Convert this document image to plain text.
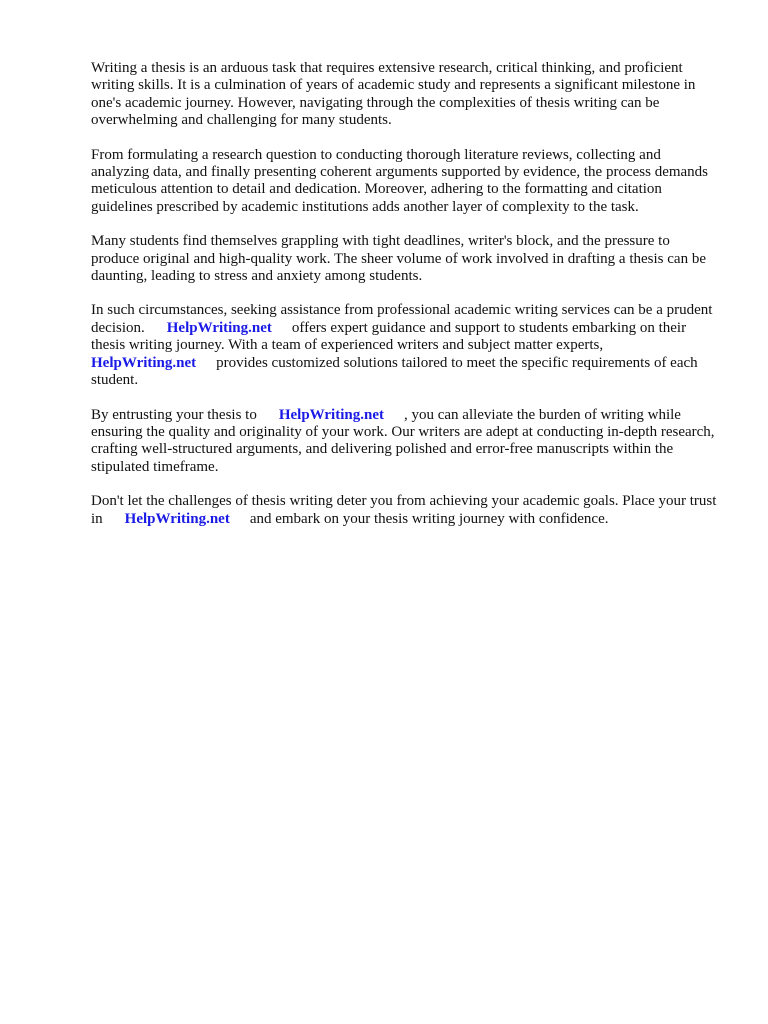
Writing a thesis is an arduous task that requires extensive research, critical thinking, and proficient writing skills. It is a culmination of years of academic study and represents a significant milestone in one's academic journey. However, navigating through the complexities of thesis writing can be overwhelming and challenging for many students.

From formulating a research question to conducting thorough literature reviews, collecting and analyzing data, and finally presenting coherent arguments supported by evidence, the process demands meticulous attention to detail and dedication. Moreover, adhering to the formatting and citation guidelines prescribed by academic institutions adds another layer of complexity to the task.

Many students find themselves grappling with tight deadlines, writer's block, and the pressure to produce original and high-quality work. The sheer volume of work involved in drafting a thesis can be daunting, leading to stress and anxiety among students.

In such circumstances, seeking assistance from professional academic writing services can be a prudent decision. HelpWriting.net offers expert guidance and support to students embarking on their thesis writing journey. With a team of experienced writers and subject matter experts, HelpWriting.net provides customized solutions tailored to meet the specific requirements of each student.

By entrusting your thesis to HelpWriting.net , you can alleviate the burden of writing while ensuring the quality and originality of your work. Our writers are adept at conducting in-depth research, crafting well-structured arguments, and delivering polished and error-free manuscripts within the stipulated timeframe.

Don't let the challenges of thesis writing deter you from achieving your academic goals. Place your trust in HelpWriting.net and embark on your thesis writing journey with confidence.
